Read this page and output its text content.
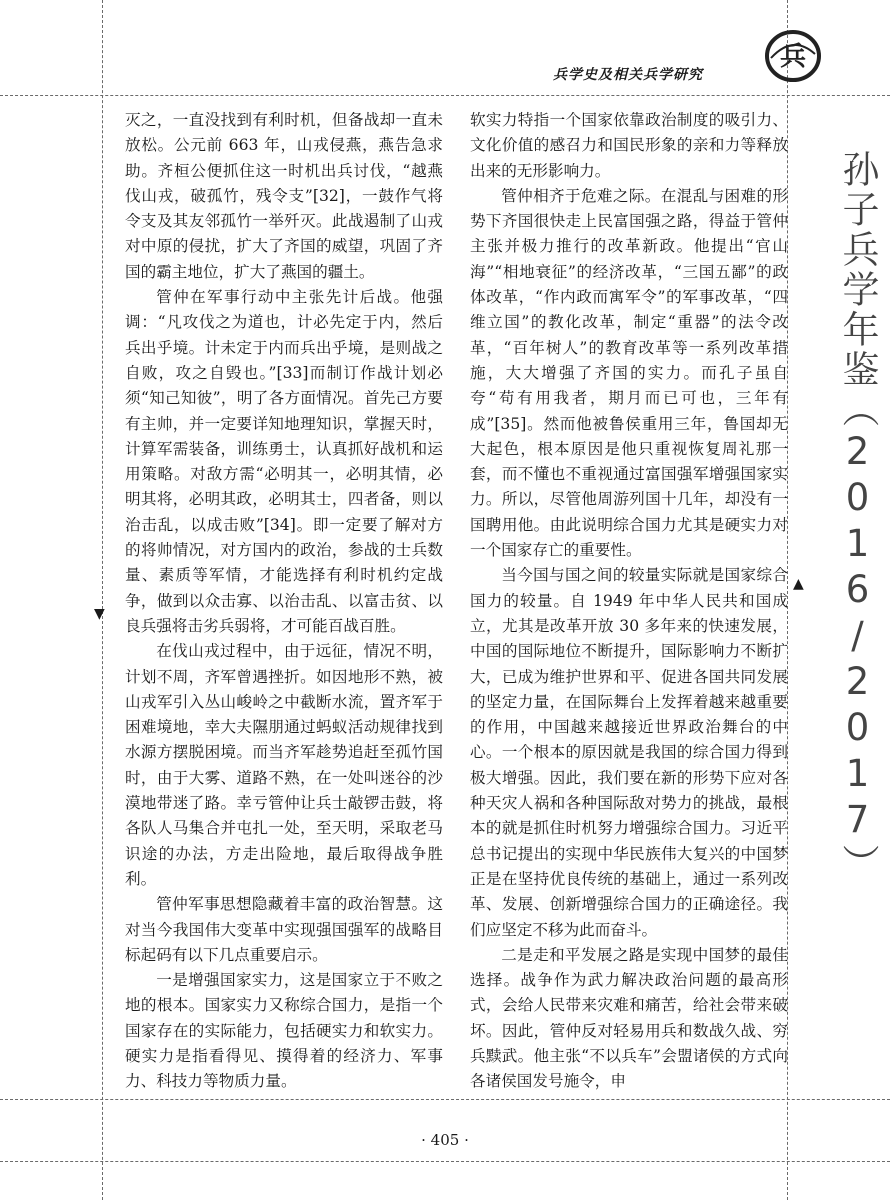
兵学史及相关兵学研究
兵

灭之，一直没找到有利时机，但备战却一直未放松。公元前 663 年，山戎侵燕，燕告急求助。齐桓公便抓住这一时机出兵讨伐，“越燕伐山戎，破孤竹，残令支”[32]，一鼓作气将令支及其友邻孤竹一举歼灭。此战遏制了山戎对中原的侵扰，扩大了齐国的威望，巩固了齐国的霸主地位，扩大了燕国的疆土。

管仲在军事行动中主张先计后战。他强调：“凡攻伐之为道也，计必先定于内，然后兵出乎境。计未定于内而兵出乎境，是则战之自败，攻之自毁也。”[33]而制订作战计划必须“知己知彼”，明了各方面情况。首先己方要有主帅，并一定要详知地理知识，掌握天时，计算军需装备，训练勇士，认真抓好战机和运用策略。对敌方需“必明其一，必明其情，必明其将，必明其政，必明其士，四者备，则以治击乱，以成击败”[34]。即一定要了解对方的将帅情况，对方国内的政治，参战的士兵数量、素质等军情，才能选择有利时机约定战争，做到以众击寡、以治击乱、以富击贫、以良兵强将击劣兵弱将，才可能百战百胜。

在伐山戎过程中，由于远征，情况不明，计划不周，齐军曾遇挫折。如因地形不熟，被山戎军引入丛山峻岭之中截断水流，置齐军于困难境地，幸大夫隰朋通过蚂蚁活动规律找到水源方摆脱困境。而当齐军趁势追赶至孤竹国时，由于大雾、道路不熟，在一处叫迷谷的沙漠地带迷了路。幸亏管仲让兵士敲锣击鼓，将各队人马集合并屯扎一处，至天明，采取老马识途的办法，方走出险地，最后取得战争胜利。

管仲军事思想隐藏着丰富的政治智慧。这对当今我国伟大变革中实现强国强军的战略目标起码有以下几点重要启示。

一是增强国家实力，这是国家立于不败之地的根本。国家实力又称综合国力，是指一个国家存在的实际能力，包括硬实力和软实力。硬实力是指看得见、摸得着的经济力、军事力、科技力等物质力量。

软实力特指一个国家依靠政治制度的吸引力、文化价值的感召力和国民形象的亲和力等释放出来的无形影响力。

管仲相齐于危难之际。在混乱与困难的形势下齐国很快走上民富国强之路，得益于管仲主张并极力推行的改革新政。他提出“官山海”“相地衰征”的经济改革，“三国五鄙”的政体改革，“作内政而寓军令”的军事改革，“四维立国”的教化改革，制定“重器”的法令改革，“百年树人”的教育改革等一系列改革措施，大大增强了齐国的实力。而孔子虽自夸“苟有用我者，期月而已可也，三年有成”[35]。然而他被鲁侯重用三年，鲁国却无大起色，根本原因是他只重视恢复周礼那一套，而不懂也不重视通过富国强军增强国家实力。所以，尽管他周游列国十几年，却没有一国聘用他。由此说明综合国力尤其是硬实力对一个国家存亡的重要性。

当今国与国之间的较量实际就是国家综合国力的较量。自 1949 年中华人民共和国成立，尤其是改革开放 30 多年来的快速发展，中国的国际地位不断提升，国际影响力不断扩大，已成为维护世界和平、促进各国共同发展的坚定力量，在国际舞台上发挥着越来越重要的作用，中国越来越接近世界政治舞台的中心。一个根本的原因就是我国的综合国力得到极大增强。因此，我们要在新的形势下应对各种天灾人祸和各种国际敌对势力的挑战，最根本的就是抓住时机努力增强综合国力。习近平总书记提出的实现中华民族伟大复兴的中国梦正是在坚持优良传统的基础上，通过一系列改革、发展、创新增强综合国力的正确途径。我们应坚定不移为此而奋斗。

二是走和平发展之路是实现中国梦的最佳选择。战争作为武力解决政治问题的最高形式，会给人民带来灾难和痛苦，给社会带来破坏。因此，管仲反对轻易用兵和数战久战、穷兵黩武。他主张“不以兵车”会盟诸侯的方式向各诸侯国发号施令，申

孙子兵学年鉴（2016/2017）
▼
▲
· 405 ·
